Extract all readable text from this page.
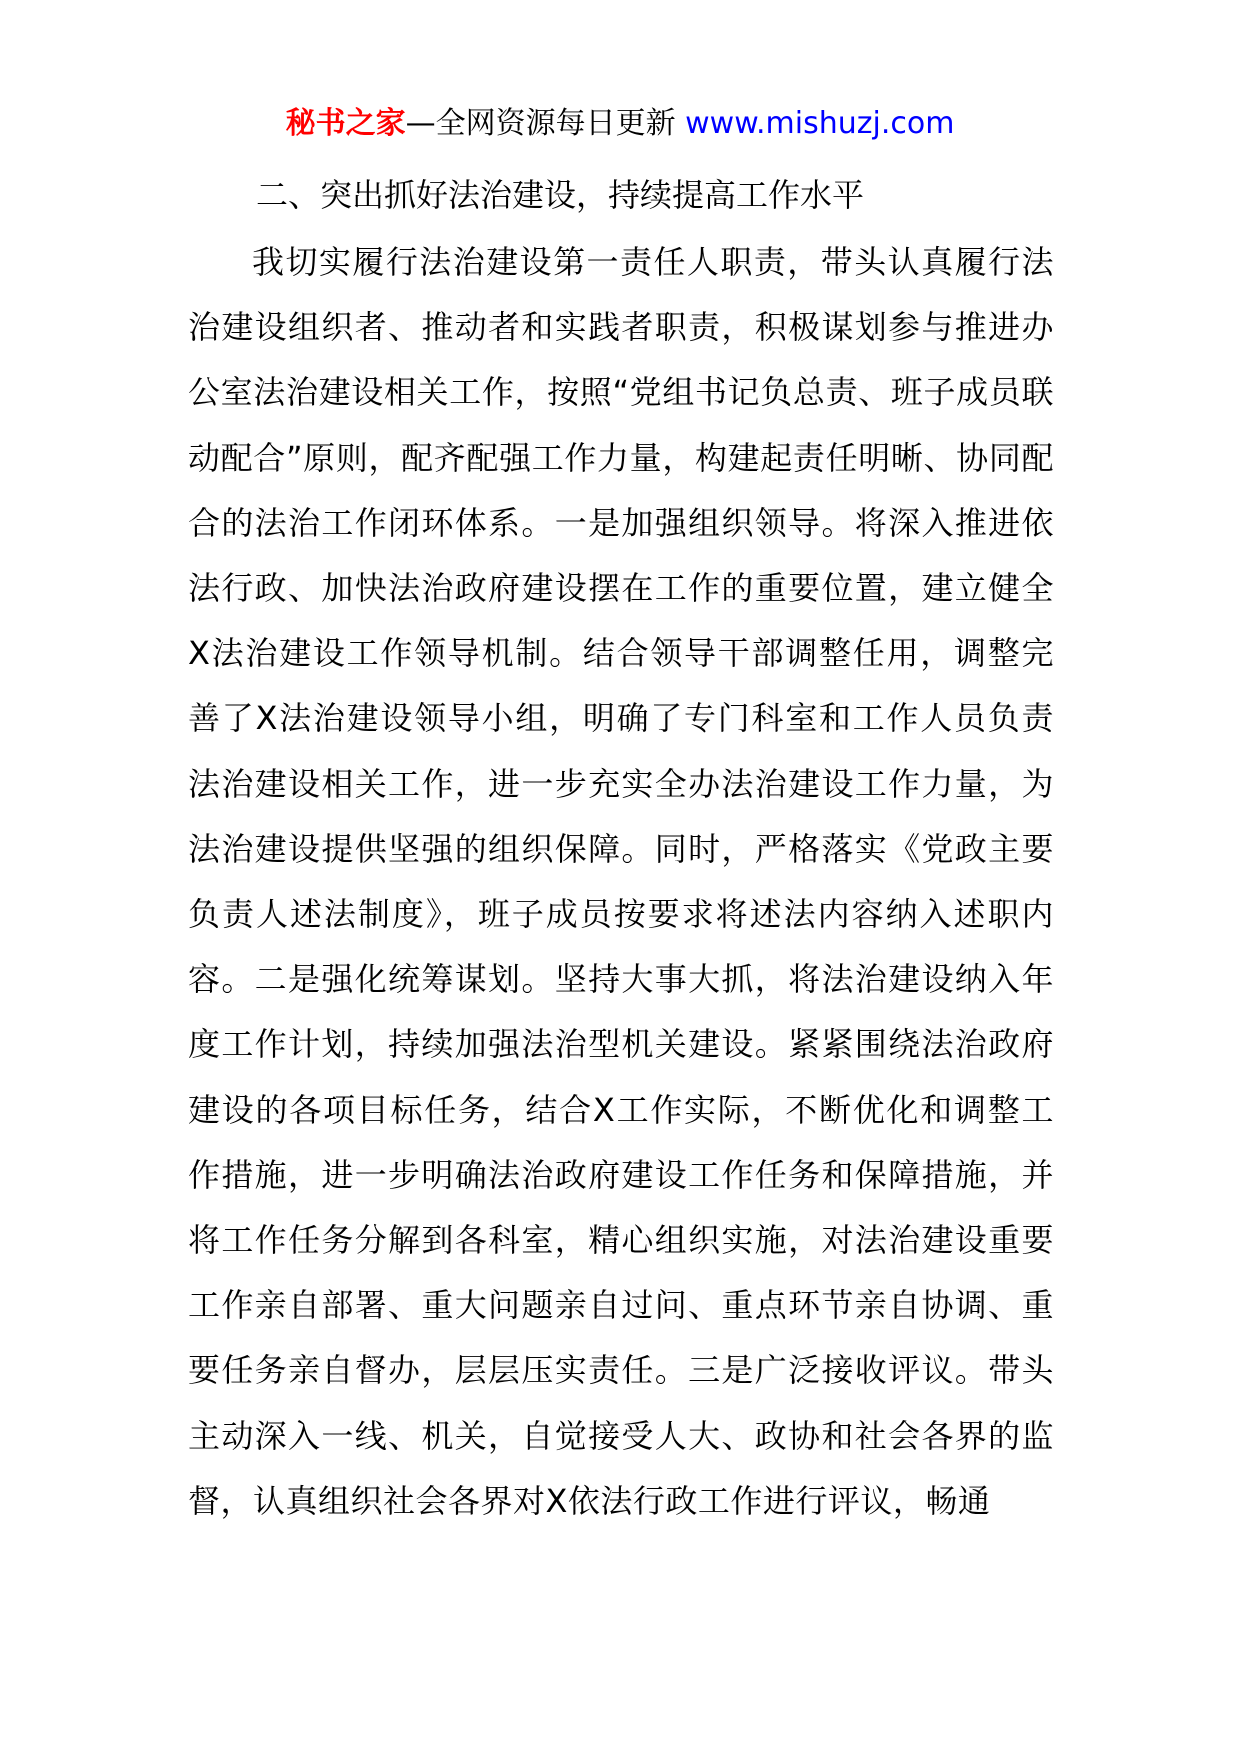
秘书之家—全网资源每日更新 www.mishuzj.com

二、突出抓好法治建设，持续提高工作水平

我切实履行法治建设第一责任人职责，带头认真履行法治建设组织者、推动者和实践者职责，积极谋划参与推进办公室法治建设相关工作，按照“党组书记负总责、班子成员联动配合”原则，配齐配强工作力量，构建起责任明晰、协同配合的法治工作闭环体系。一是加强组织领导。将深入推进依法行政、加快法治政府建设摆在工作的重要位置，建立健全X法治建设工作领导机制。结合领导干部调整任用，调整完善了X法治建设领导小组，明确了专门科室和工作人员负责法治建设相关工作，进一步充实全办法治建设工作力量，为法治建设提供坚强的组织保障。同时，严格落实《党政主要负责人述法制度》，班子成员按要求将述法内容纳入述职内容。二是强化统筹谋划。坚持大事大抓，将法治建设纳入年度工作计划，持续加强法治型机关建设。紧紧围绕法治政府建设的各项目标任务，结合X工作实际，不断优化和调整工作措施，进一步明确法治政府建设工作任务和保障措施，并将工作任务分解到各科室，精心组织实施，对法治建设重要工作亲自部署、重大问题亲自过问、重点环节亲自协调、重要任务亲自督办，层层压实责任。三是广泛接收评议。带头主动深入一线、机关，自觉接受人大、政协和社会各界的监督，认真组织社会各界对X依法行政工作进行评议，畅通
